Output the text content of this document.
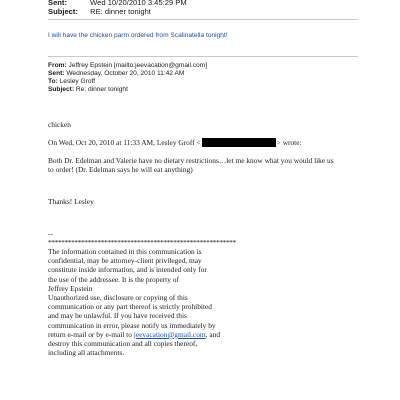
Sent:	Wed 10/20/2010 3:45:29 PM
Subject: RE: dinner tonight
I will have the chicken parm ordered from Scalinatella tonight!
From: Jeffrey Epstein [mailto:jeevacation@gmail.com]
Sent: Wednesday, October 20, 2010 11:42 AM
To: Lesley Groff
Subject: Re: dinner tonight
chicken
On Wed, Oct 20, 2010 at 11:33 AM, Lesley Groff <	> wrote:
Both Dr. Edelman and Valerie have no dietary restrictions…let me know what you would like us
to order! (Dr. Edelman says he will eat anything)
Thanks! Lesley
--
*********************************************************
The information contained in this communication is
confidential, may be attorney-client privileged, may
constitute inside information, and is intended only for
the use of the addressee. It is the property of
Jeffrey Epstein
Unauthorized use, disclosure or copying of this
communication or any part thereof is strictly prohibited
and may be unlawful. If you have received this
communication in error, please notify us immediately by
return e-mail or by e-mail to jeevacation@gmail.com, and
destroy this communication and all copies thereof,
including all attachments.
